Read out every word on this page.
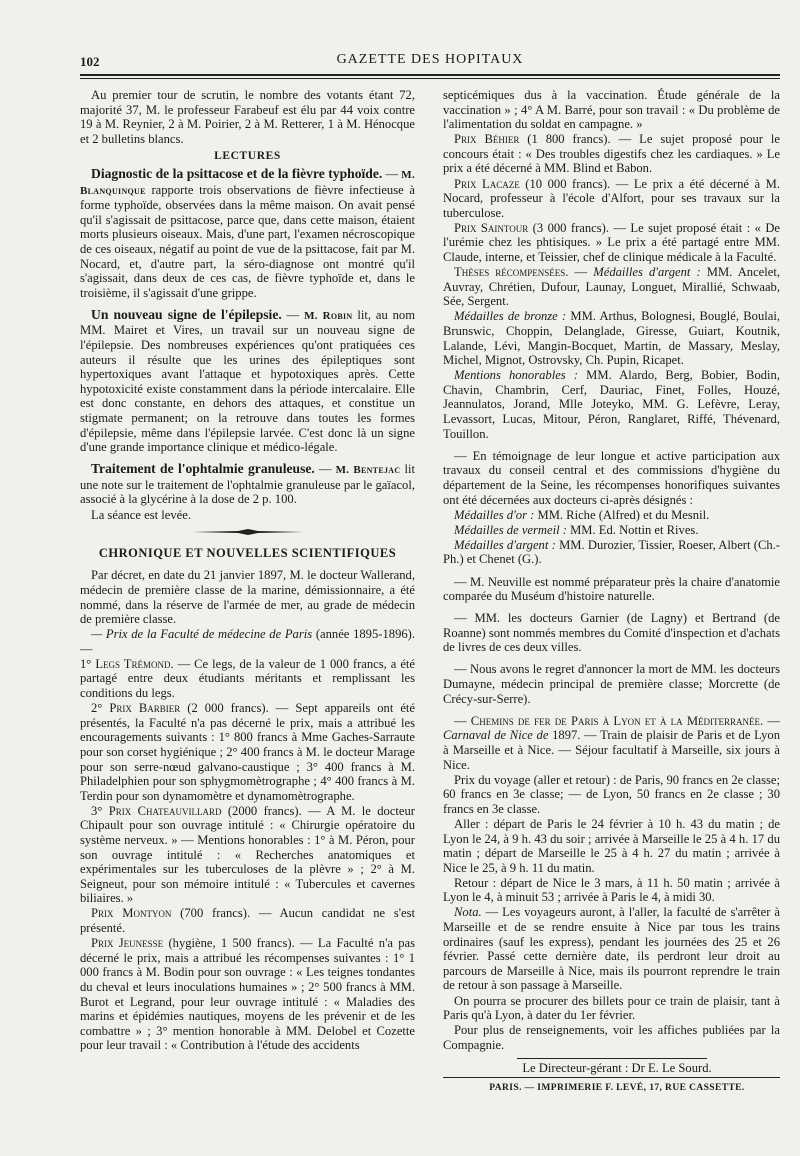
102	GAZETTE DES HOPITAUX

Au premier tour de scrutin, le nombre des votants étant 72, majorité 37, M. le professeur Farabeuf est élu par 44 voix contre 19 à M. Reynier, 2 à M. Poirier, 2 à M. Retterer, 1 à M. Hénocque et 2 bulletins blancs.

LECTURES

Diagnostic de la psittacose et de la fièvre typhoïde. — M. Blanquinque rapporte trois observations de fièvre infectieuse à forme typhoïde, observées dans la même maison. On avait pensé qu'il s'agissait de psittacose, parce que, dans cette maison, étaient morts plusieurs oiseaux. Mais, d'une part, l'examen nécroscopique de ces oiseaux, négatif au point de vue de la psittacose, fait par M. Nocard, et, d'autre part, la séro-diagnose ont montré qu'il s'agissait, dans deux de ces cas, de fièvre typhoïde et, dans le troisième, il s'agissait d'une grippe.

Un nouveau signe de l'épilepsie. — M. Robin lit, au nom MM. Mairet et Vires, un travail sur un nouveau signe de l'épilepsie. Des nombreuses expériences qu'ont pratiquées ces auteurs il résulte que les urines des épileptiques sont hypertoxiques avant l'attaque et hypotoxiques après. Cette hypotoxicité existe constamment dans la période intercalaire. Elle est donc constante, en dehors des attaques, et constitue un stigmate permanent; on la retrouve dans toutes les formes d'épilepsie, même dans l'épilepsie larvée. C'est donc là un signe d'une grande importance clinique et médico-légale.

Traitement de l'ophtalmie granuleuse. — M. Bentejac lit une note sur le traitement de l'ophtalmie granuleuse par le gaïacol, associé à la glycérine à la dose de 2 p. 100.

La séance est levée.

CHRONIQUE ET NOUVELLES SCIENTIFIQUES

Par décret, en date du 21 janvier 1897, M. le docteur Wallerand, médecin de première classe de la marine, démissionnaire, a été nommé, dans la réserve de l'armée de mer, au grade de médecin de première classe.

— Prix de la Faculté de médecine de Paris (année 1895-1896). —

1° Legs Trémond. — Ce legs, de la valeur de 1 000 francs, a été partagé entre deux étudiants méritants et remplissant les conditions du legs.

2° Prix Barbier (2 000 francs). — Sept appareils ont été présentés, la Faculté n'a pas décerné le prix, mais a attribué les encouragements suivants : 1° 800 francs à Mme Gaches-Sarraute pour son corset hygiénique ; 2° 400 francs à M. le docteur Marage pour son serre-nœud galvano-caustique ; 3° 400 francs à M. Philadelphien pour son sphygmomètrographe ; 4° 400 francs à M. Terdin pour son dynamomètre et dynamomètrographe.

3° Prix Chateauvillard (2000 francs). — A M. le docteur Chipault pour son ouvrage intitulé : « Chirurgie opératoire du système nerveux. » — Mentions honorables : 1° à M. Péron, pour son ouvrage intitulé : « Recherches anatomiques et expérimentales sur les tuberculoses de la plèvre » ; 2° à M. Seigneut, pour son mémoire intitulé : « Tubercules et cavernes biliaires. »

Prix Montyon (700 francs). — Aucun candidat ne s'est présenté.

Prix Jeunesse (hygiène, 1 500 francs). — La Faculté n'a pas décerné le prix, mais a attribué les récompenses suivantes : 1° 1 000 francs à M. Bodin pour son ouvrage : « Les teignes tondantes du cheval et leurs inoculations humaines » ; 2° 500 francs à MM. Burot et Legrand, pour leur ouvrage intitulé : « Maladies des marins et épidémies nautiques, moyens de les prévenir et de les combattre » ; 3° mention honorable à MM. Delobel et Cozette pour leur travail : « Contribution à l'étude des accidents

septicémiques dus à la vaccination. Étude générale de la vaccination » ; 4° A M. Barré, pour son travail : « Du problème de l'alimentation du soldat en campagne. »

Prix Béhier (1 800 francs). — Le sujet proposé pour le concours était : « Des troubles digestifs chez les cardiaques. » Le prix a été décerné à MM. Blind et Babon.

Prix Lacaze (10 000 francs). — Le prix a été décerné à M. Nocard, professeur à l'école d'Alfort, pour ses travaux sur la tuberculose.

Prix Saintour (3 000 francs). — Le sujet proposé était : « De l'urémie chez les phtisiques. » Le prix a été partagé entre MM. Claude, interne, et Teissier, chef de clinique médicale à la Faculté.

Thèses récompensées. — Médailles d'argent : MM. Ancelet, Auvray, Chrétien, Dufour, Launay, Longuet, Mirallié, Schwaab, Sée, Sergent.

Médailles de bronze : MM. Arthus, Bolognesi, Bouglé, Boulai, Brunswic, Choppin, Delanglade, Giresse, Guiart, Koutnik, Lalande, Lévi, Mangin-Bocquet, Martin, de Massary, Meslay, Michel, Mignot, Ostrovsky, Ch. Pupin, Ricapet.

Mentions honorables : MM. Alardo, Berg, Bobier, Bodin, Chavin, Chambrin, Cerf, Dauriac, Finet, Folles, Houzé, Jeannulatos, Jorand, Mlle Joteyko, MM. G. Lefèvre, Leray, Levassort, Lucas, Mitour, Péron, Ranglaret, Riffé, Thévenard, Touillon.

— En témoignage de leur longue et active participation aux travaux du conseil central et des commissions d'hygiène du département de la Seine, les récompenses honorifiques suivantes ont été décernées aux docteurs ci-après désignés :

Médailles d'or : MM. Riche (Alfred) et du Mesnil.

Médailles de vermeil : MM. Ed. Nottin et Rives.

Médailles d'argent : MM. Durozier, Tissier, Roeser, Albert (Ch.-Ph.) et Chenet (G.).

— M. Neuville est nommé préparateur près la chaire d'anatomie comparée du Muséum d'histoire naturelle.

— MM. les docteurs Garnier (de Lagny) et Bertrand (de Roanne) sont nommés membres du Comité d'inspection et d'achats de livres de ces deux villes.

— Nous avons le regret d'annoncer la mort de MM. les docteurs Dumayne, médecin principal de première classe; Morcrette (de Crécy-sur-Serre).

— Chemins de fer de Paris à Lyon et à la Méditerranée. — Carnaval de Nice de 1897. — Train de plaisir de Paris et de Lyon à Marseille et à Nice. — Séjour facultatif à Marseille, six jours à Nice.

Prix du voyage (aller et retour) : de Paris, 90 francs en 2e classe; 60 francs en 3e classe; — de Lyon, 50 francs en 2e classe ; 30 francs en 3e classe.

Aller : départ de Paris le 24 février à 10 h. 43 du matin ; de Lyon le 24, à 9 h. 43 du soir ; arrivée à Marseille le 25 à 4 h. 17 du matin ; départ de Marseille le 25 à 4 h. 27 du matin ; arrivée à Nice le 25, à 9 h. 11 du matin.

Retour : départ de Nice le 3 mars, à 11 h. 50 matin ; arrivée à Lyon le 4, à minuit 53 ; arrivée à Paris le 4, à midi 30.

Nota. — Les voyageurs auront, à l'aller, la faculté de s'arrêter à Marseille et de se rendre ensuite à Nice par tous les trains ordinaires (sauf les express), pendant les journées des 25 et 26 février. Passé cette dernière date, ils perdront leur droit au parcours de Marseille à Nice, mais ils pourront reprendre le train de retour à son passage à Marseille.

On pourra se procurer des billets pour ce train de plaisir, tant à Paris qu'à Lyon, à dater du 1er février.

Pour plus de renseignements, voir les affiches publiées par la Compagnie.

Le Directeur-gérant : Dr E. Le Sourd.

PARIS. — IMPRIMERIE F. LEVÉ, 17, RUE CASSETTE.
